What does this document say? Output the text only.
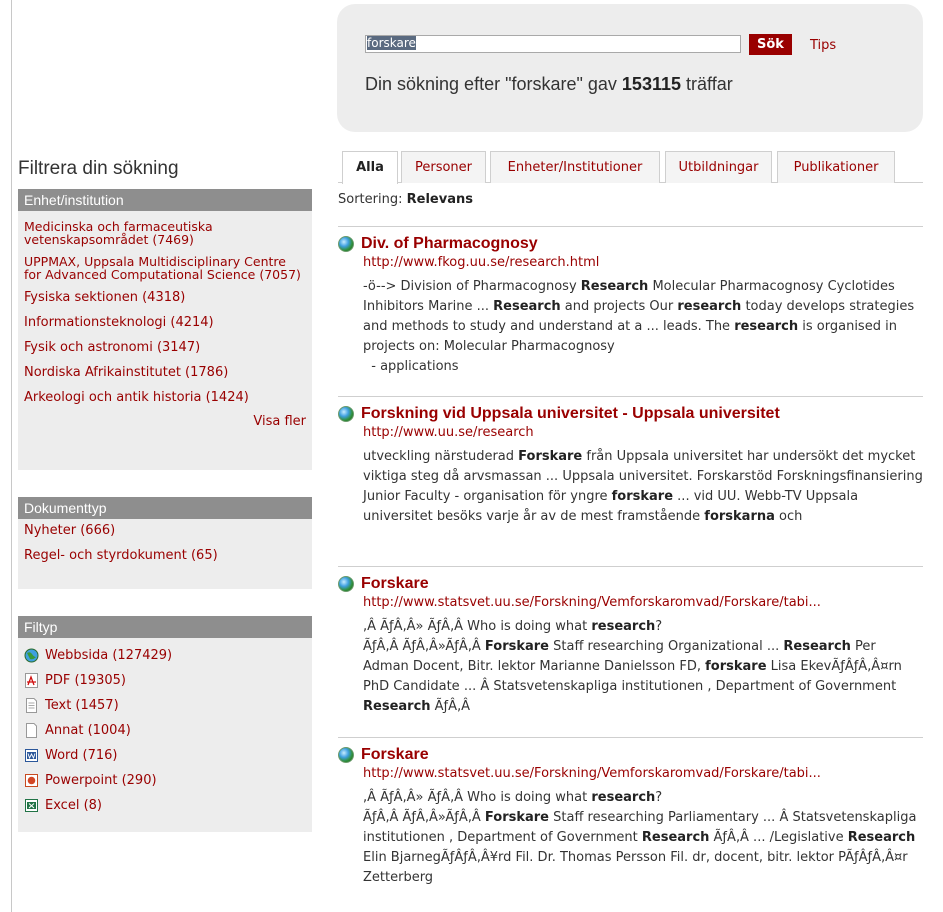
forskare	Sök	Tips
Din sökning efter "forskare" gav 153115 träffar
Filtrera din sökning
Enhet/institution
Medicinska och farmaceutiska vetenskapsområdet (7469)
UPPMAX, Uppsala Multidisciplinary Centre for Advanced Computational Science (7057)
Fysiska sektionen (4318)
Informationsteknologi (4214)
Fysik och astronomi (3147)
Nordiska Afrikainstitutet (1786)
Arkeologi och antik historia (1424)
Visa fler
Dokumenttyp
Nyheter (666)
Regel- och styrdokument (65)
Filtyp
Webbsida (127429)
PDF (19305)
Text (1457)
Annat (1004)
Word (716)
Powerpoint (290)
Excel (8)
Alla	Personer	Enheter/Institutioner	Utbildningar	Publikationer
Sortering: Relevans
Div. of Pharmacognosy
http://www.fkog.uu.se/research.html
-ö--> Division of Pharmacognosy Research Molecular Pharmacognosy Cyclotides Inhibitors Marine ... Research and projects Our research today develops strategies and methods to study and understand at a ... leads. The research is organised in projects on: Molecular Pharmacognosy
- applications
Forskning vid Uppsala universitet - Uppsala universitet
http://www.uu.se/research
utveckling närstuderad Forskare från Uppsala universitet har undersökt det mycket viktiga steg då arvsmassan ... Uppsala universitet. Forskarstöd Forskningsfinansiering Junior Faculty - organisation för yngre forskare ... vid UU. Webb-TV Uppsala universitet besöks varje år av de mest framstående forskarna och
Forskare
http://www.statsvet.uu.se/Forskning/Vemforskaromvad/Forskare/tabi...
,Â ÃƒÂ‚Â» ÃƒÂ‚Â Who is doing what research?
ÃƒÂ‚Â ÃƒÂ‚Â»ÃƒÂ‚Â Forskare Staff researching Organizational ... Research Per Adman Docent, Bitr. lektor Marianne Danielsson FD, forskare Lisa EkevÃƒÂƒÂ‚Â¤rn PhD Candidate ... Â Statsvetenskapliga institutionen , Department of Government Research ÃƒÂ‚Â
Forskare
http://www.statsvet.uu.se/Forskning/Vemforskaromvad/Forskare/tabi...
,Â ÃƒÂ‚Â» ÃƒÂ‚Â Who is doing what research?
ÃƒÂ‚Â ÃƒÂ‚Â»ÃƒÂ‚Â Forskare Staff researching Parliamentary ... Â Statsvetenskapliga institutionen , Department of Government Research ÃƒÂ‚Â ... /Legislative Research Elin BjarnegÃƒÂƒÂ‚Â¥rd Fil. Dr. Thomas Persson Fil. dr, docent, bitr. lektor PÃƒÂƒÂ‚Â¤r Zetterberg
